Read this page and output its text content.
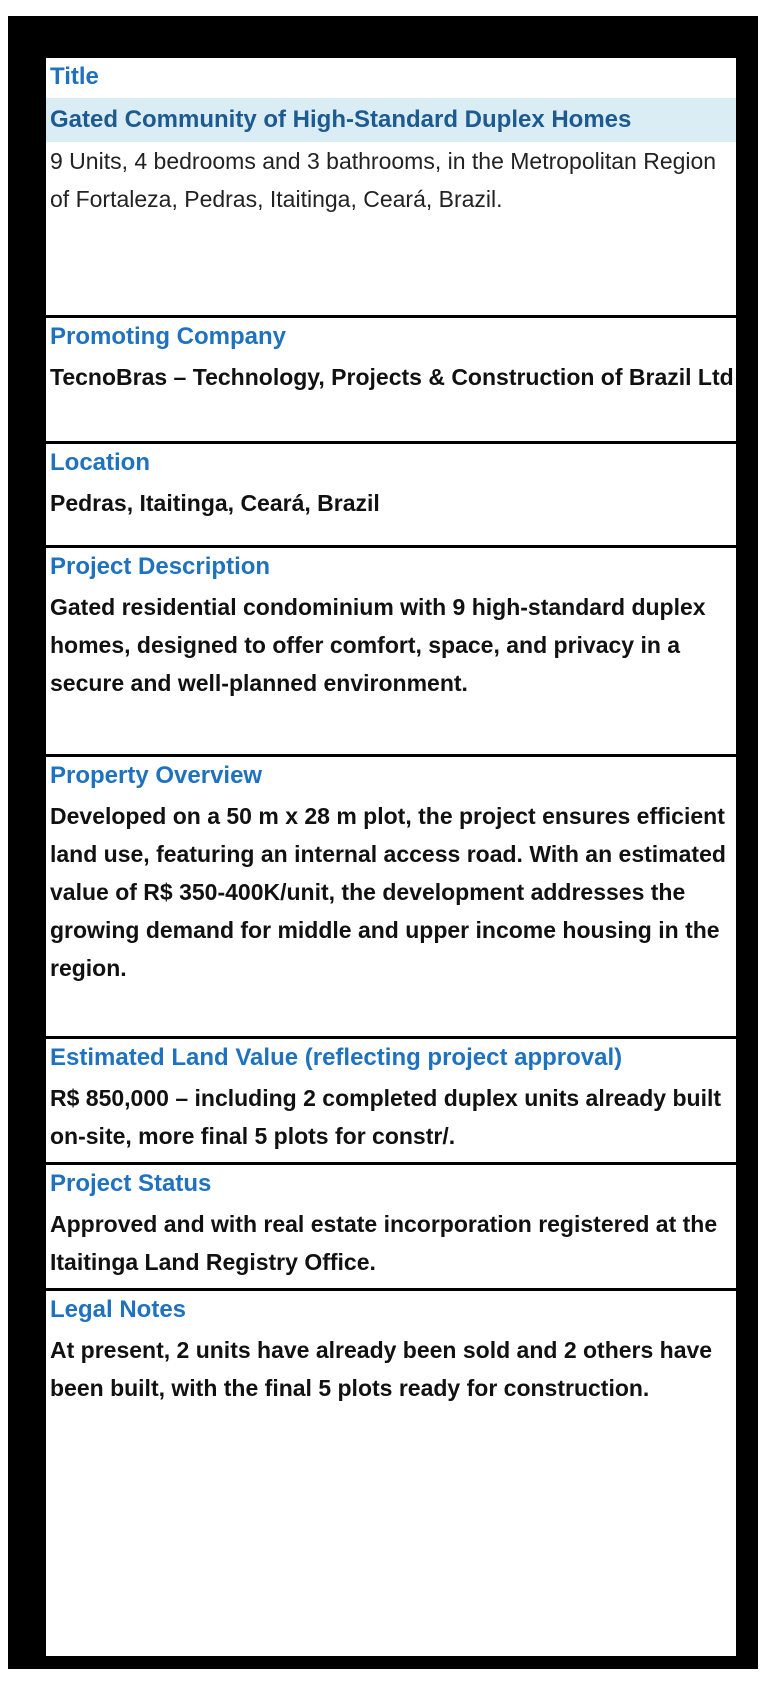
Title
Gated Community of High-Standard Duplex Homes
9 Units, 4 bedrooms and 3 bathrooms, in the Metropolitan Region of Fortaleza, Pedras, Itaitinga, Ceará, Brazil.
Promoting Company
TecnoBras – Technology, Projects & Construction of Brazil Ltd
Location
Pedras, Itaitinga, Ceará, Brazil
Project Description
Gated residential condominium with 9 high-standard duplex homes, designed to offer comfort, space, and privacy in a secure and well-planned environment.
Property Overview
Developed on a 50 m x 28 m plot, the project ensures efficient land use, featuring an internal access road. With an estimated value of R$ 350-400K/unit, the development addresses the growing demand for middle and upper income housing in the region.
Estimated Land Value (reflecting project approval)
R$ 850,000 – including 2 completed duplex units already built on-site, more final 5 plots for constr/.
Project Status
Approved and with real estate incorporation registered at the Itaitinga Land Registry Office.
Legal Notes
At present, 2 units have already been sold and 2 others have been built, with the final 5 plots ready for construction.
